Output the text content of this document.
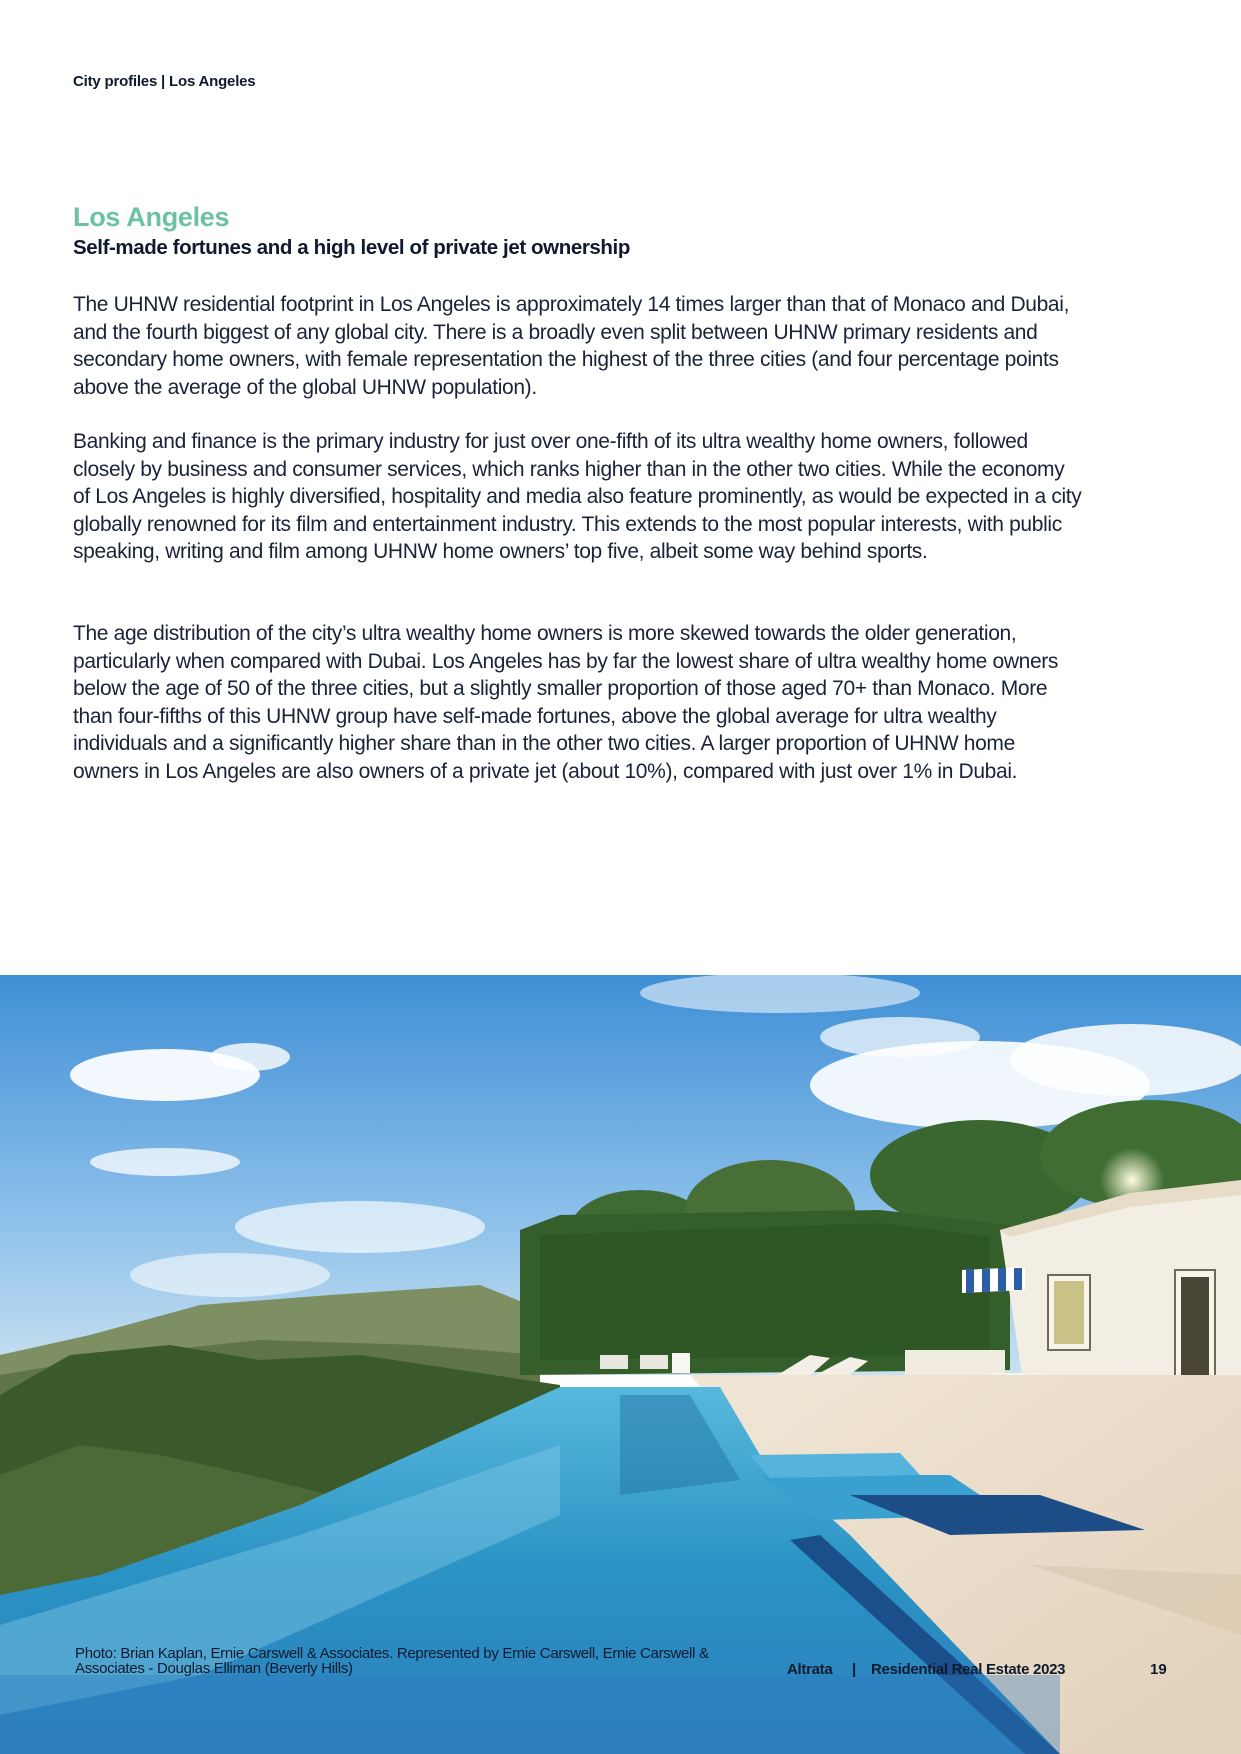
City profiles | Los Angeles
Los Angeles
Self-made fortunes and a high level of private jet ownership

The UHNW residential footprint in Los Angeles is approximately 14 times larger than that of Monaco and Dubai, and the fourth biggest of any global city. There is a broadly even split between UHNW primary residents and secondary home owners, with female representation the highest of the three cities (and four percentage points above the average of the global UHNW population).

Banking and finance is the primary industry for just over one-fifth of its ultra wealthy home owners, followed closely by business and consumer services, which ranks higher than in the other two cities. While the economy of Los Angeles is highly diversified, hospitality and media also feature prominently, as would be expected in a city globally renowned for its film and entertainment industry. This extends to the most popular interests, with public speaking, writing and film among UHNW home owners’ top five, albeit some way behind sports.

The age distribution of the city’s ultra wealthy home owners is more skewed towards the older generation, particularly when compared with Dubai. Los Angeles has by far the lowest share of ultra wealthy home owners below the age of 50 of the three cities, but a slightly smaller proportion of those aged 70+ than Monaco. More than four-fifths of this UHNW group have self-made fortunes, above the global average for ultra wealthy individuals and a significantly higher share than in the other two cities. A larger proportion of UHNW home owners in Los Angeles are also owners of a private jet (about 10%), compared with just over 1% in Dubai.

Photo: Brian Kaplan, Ernie Carswell & Associates. Represented by Ernie Carswell, Ernie Carswell & Associates - Douglas Elliman (Beverly Hills)	Altrata | Residential Real Estate 2023	19
